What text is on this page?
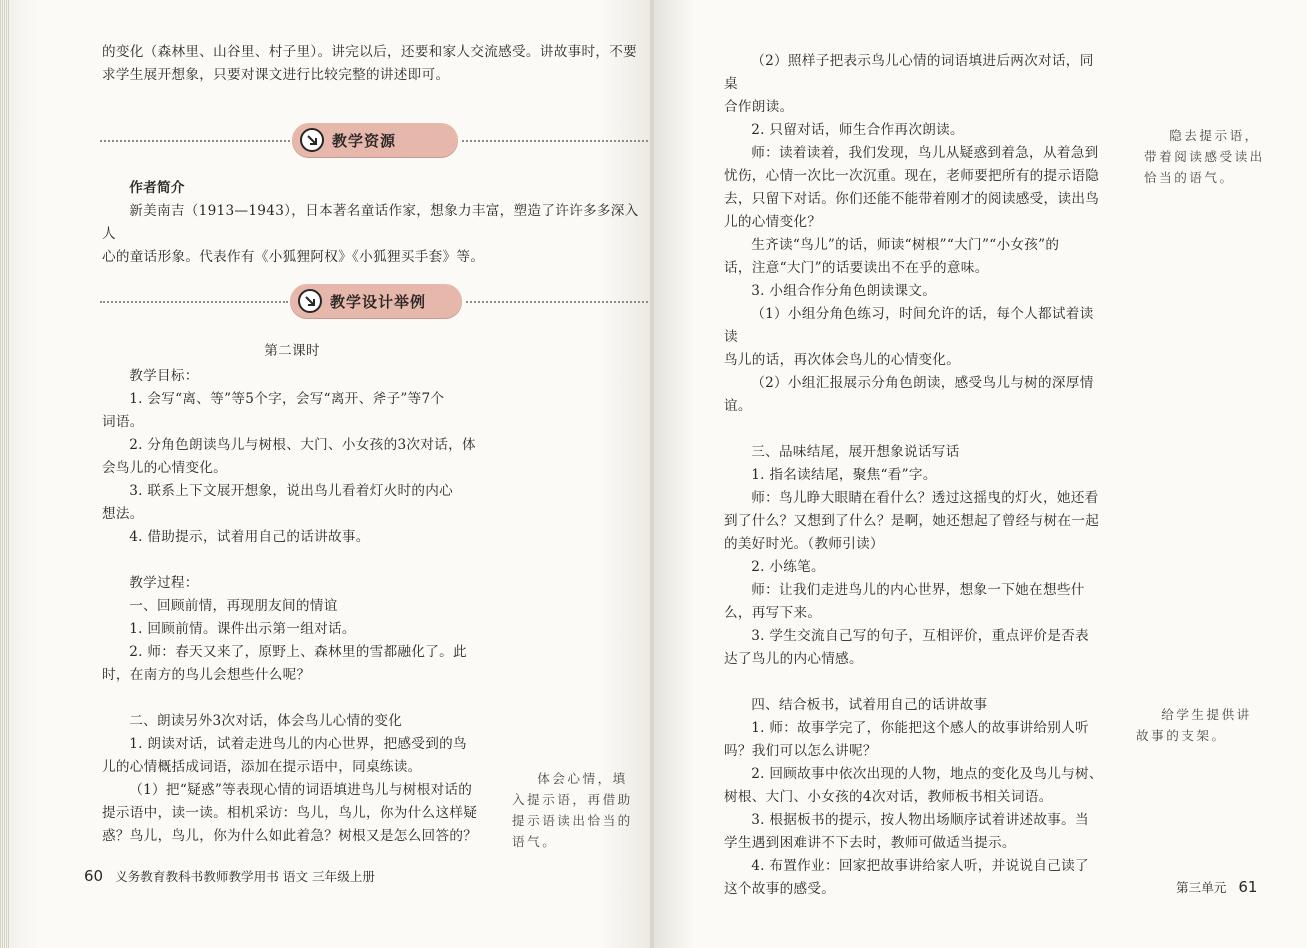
的变化（森林里、山谷里、村子里）。讲完以后，还要和家人交流感受。讲故事时，不要

求学生展开想象，只要对课文进行比较完整的讲述即可。

教学资源

作者简介

新美南吉（1913—1943），日本著名童话作家，想象力丰富，塑造了许许多多深入人

心的童话形象。代表作有《小狐狸阿权》《小狐狸买手套》等。

教学设计举例

第二课时

教学目标：

1. 会写“离、等”等5个字，会写“离开、斧子”等7个

词语。

2. 分角色朗读鸟儿与树根、大门、小女孩的3次对话，体

会鸟儿的心情变化。

3. 联系上下文展开想象，说出鸟儿看着灯火时的内心

想法。

4. 借助提示，试着用自己的话讲故事。

教学过程：

一、回顾前情，再现朋友间的情谊

1. 回顾前情。课件出示第一组对话。

2. 师：春天又来了，原野上、森林里的雪都融化了。此

时，在南方的鸟儿会想些什么呢？

二、朗读另外3次对话，体会鸟儿心情的变化

1. 朗读对话，试着走进鸟儿的内心世界，把感受到的鸟

儿的心情概括成词语，添加在提示语中，同桌练读。

（1）把“疑惑”等表现心情的词语填进鸟儿与树根对话的

提示语中，读一读。相机采访：鸟儿，鸟儿，你为什么这样疑

惑？鸟儿，鸟儿，你为什么如此着急？树根又是怎么回答的？

体会心情，填

入提示语，再借助

提示语读出恰当的

语气。

60 义务教育教科书教师教学用书 语文 三年级上册

（2）照样子把表示鸟儿心情的词语填进后两次对话，同桌

合作朗读。

2. 只留对话，师生合作再次朗读。

师：读着读着，我们发现，鸟儿从疑惑到着急，从着急到

忧伤，心情一次比一次沉重。现在，老师要把所有的提示语隐

去，只留下对话。你们还能不能带着刚才的阅读感受，读出鸟

儿的心情变化？

生齐读“鸟儿”的话，师读“树根”“大门”“小女孩”的

话，注意“大门”的话要读出不在乎的意味。

3. 小组合作分角色朗读课文。

（1）小组分角色练习，时间允许的话，每个人都试着读读

鸟儿的话，再次体会鸟儿的心情变化。

（2）小组汇报展示分角色朗读，感受鸟儿与树的深厚情谊。

三、品味结尾，展开想象说话写话

1. 指名读结尾，聚焦“看”字。

师：鸟儿睁大眼睛在看什么？透过这摇曳的灯火，她还看

到了什么？又想到了什么？是啊，她还想起了曾经与树在一起

的美好时光。（教师引读）

2. 小练笔。

师：让我们走进鸟儿的内心世界，想象一下她在想些什

么，再写下来。

3. 学生交流自己写的句子，互相评价，重点评价是否表

达了鸟儿的内心情感。

四、结合板书，试着用自己的话讲故事

1. 师：故事学完了，你能把这个感人的故事讲给别人听

吗？我们可以怎么讲呢？

2. 回顾故事中依次出现的人物，地点的变化及鸟儿与树、

树根、大门、小女孩的4次对话，教师板书相关词语。

3. 根据板书的提示，按人物出场顺序试着讲述故事。当

学生遇到困难讲不下去时，教师可做适当提示。

4. 布置作业：回家把故事讲给家人听，并说说自己读了

这个故事的感受。

隐去提示语，

带着阅读感受读出

恰当的语气。

给学生提供讲

故事的支架。

第三单元 61
